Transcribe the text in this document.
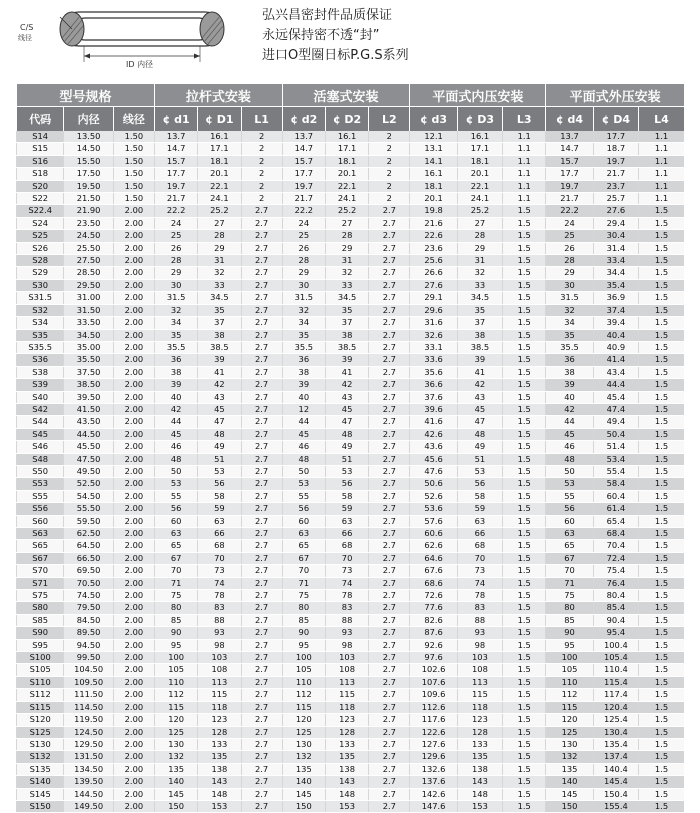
C/S
线径
ID 内径
弘兴昌密封件品质保证
永远保持密不透“封”
进口O型圈日标P.G.S系列
型号规格			拉杆式安装			活塞式安装			平面式内压安装			平面式外压安装		
代码	内径	线径	¢ d1	¢ D1	L1	¢ d2	¢ D2	L2	¢ d3	¢ D3	L3	¢ d4	¢ D4	L4
S14	13.50	1.50	13.7	16.1	2	13.7	16.1	2	12.1	16.1	1.1	13.7	17.7	1.1
S15	14.50	1.50	14.7	17.1	2	14.7	17.1	2	13.1	17.1	1.1	14.7	18.7	1.1
S16	15.50	1.50	15.7	18.1	2	15.7	18.1	2	14.1	18.1	1.1	15.7	19.7	1.1
S18	17.50	1.50	17.7	20.1	2	17.7	20.1	2	16.1	20.1	1.1	17.7	21.7	1.1
S20	19.50	1.50	19.7	22.1	2	19.7	22.1	2	18.1	22.1	1.1	19.7	23.7	1.1
S22	21.50	1.50	21.7	24.1	2	21.7	24.1	2	20.1	24.1	1.1	21.7	25.7	1.1
S22.4	21.90	2.00	22.2	25.2	2.7	22.2	25.2	2.7	19.8	25.2	1.5	22.2	27.6	1.5
S24	23.50	2.00	24	27	2.7	24	27	2.7	21.6	27	1.5	24	29.4	1.5
S25	24.50	2.00	25	28	2.7	25	28	2.7	22.6	28	1.5	25	30.4	1.5
S26	25.50	2.00	26	29	2.7	26	29	2.7	23.6	29	1.5	26	31.4	1.5
S28	27.50	2.00	28	31	2.7	28	31	2.7	25.6	31	1.5	28	33.4	1.5
S29	28.50	2.00	29	32	2.7	29	32	2.7	26.6	32	1.5	29	34.4	1.5
S30	29.50	2.00	30	33	2.7	30	33	2.7	27.6	33	1.5	30	35.4	1.5
S31.5	31.00	2.00	31.5	34.5	2.7	31.5	34.5	2.7	29.1	34.5	1.5	31.5	36.9	1.5
S32	31.50	2.00	32	35	2.7	32	35	2.7	29.6	35	1.5	32	37.4	1.5
S34	33.50	2.00	34	37	2.7	34	37	2.7	31.6	37	1.5	34	39.4	1.5
S35	34.50	2.00	35	38	2.7	35	38	2.7	32.6	38	1.5	35	40.4	1.5
S35.5	35.00	2.00	35.5	38.5	2.7	35.5	38.5	2.7	33.1	38.5	1.5	35.5	40.9	1.5
S36	35.50	2.00	36	39	2.7	36	39	2.7	33.6	39	1.5	36	41.4	1.5
S38	37.50	2.00	38	41	2.7	38	41	2.7	35.6	41	1.5	38	43.4	1.5
S39	38.50	2.00	39	42	2.7	39	42	2.7	36.6	42	1.5	39	44.4	1.5
S40	39.50	2.00	40	43	2.7	40	43	2.7	37.6	43	1.5	40	45.4	1.5
S42	41.50	2.00	42	45	2.7	12	45	2.7	39.6	45	1.5	42	47.4	1.5
S44	43.50	2.00	44	47	2.7	44	47	2.7	41.6	47	1.5	44	49.4	1.5
S45	44.50	2.00	45	48	2.7	45	48	2.7	42.6	48	1.5	45	50.4	1.5
S46	45.50	2.00	46	49	2.7	46	49	2.7	43.6	49	1.5	46	51.4	1.5
S48	47.50	2.00	48	51	2.7	48	51	2.7	45.6	51	1.5	48	53.4	1.5
S50	49.50	2.00	50	53	2.7	50	53	2.7	47.6	53	1.5	50	55.4	1.5
S53	52.50	2.00	53	56	2.7	53	56	2.7	50.6	56	1.5	53	58.4	1.5
S55	54.50	2.00	55	58	2.7	55	58	2.7	52.6	58	1.5	55	60.4	1.5
S56	55.50	2.00	56	59	2.7	56	59	2.7	53.6	59	1.5	56	61.4	1.5
S60	59.50	2.00	60	63	2.7	60	63	2.7	57.6	63	1.5	60	65.4	1.5
S63	62.50	2.00	63	66	2.7	63	66	2.7	60.6	66	1.5	63	68.4	1.5
S65	64.50	2.00	65	68	2.7	65	68	2.7	62.6	68	1.5	65	70.4	1.5
S67	66.50	2.00	67	70	2.7	67	70	2.7	64.6	70	1.5	67	72.4	1.5
S70	69.50	2.00	70	73	2.7	70	73	2.7	67.6	73	1.5	70	75.4	1.5
S71	70.50	2.00	71	74	2.7	71	74	2.7	68.6	74	1.5	71	76.4	1.5
S75	74.50	2.00	75	78	2.7	75	78	2.7	72.6	78	1.5	75	80.4	1.5
S80	79.50	2.00	80	83	2.7	80	83	2.7	77.6	83	1.5	80	85.4	1.5
S85	84.50	2.00	85	88	2.7	85	88	2.7	82.6	88	1.5	85	90.4	1.5
S90	89.50	2.00	90	93	2.7	90	93	2.7	87.6	93	1.5	90	95.4	1.5
S95	94.50	2.00	95	98	2.7	95	98	2.7	92.6	98	1.5	95	100.4	1.5
S100	99.50	2.00	100	103	2.7	100	103	2.7	97.6	103	1.5	100	105.4	1.5
S105	104.50	2.00	105	108	2.7	105	108	2.7	102.6	108	1.5	105	110.4	1.5
S110	109.50	2.00	110	113	2.7	110	113	2.7	107.6	113	1.5	110	115.4	1.5
S112	111.50	2.00	112	115	2.7	112	115	2.7	109.6	115	1.5	112	117.4	1.5
S115	114.50	2.00	115	118	2.7	115	118	2.7	112.6	118	1.5	115	120.4	1.5
S120	119.50	2.00	120	123	2.7	120	123	2.7	117.6	123	1.5	120	125.4	1.5
S125	124.50	2.00	125	128	2.7	125	128	2.7	122.6	128	1.5	125	130.4	1.5
S130	129.50	2.00	130	133	2.7	130	133	2.7	127.6	133	1.5	130	135.4	1.5
S132	131.50	2.00	132	135	2.7	132	135	2.7	129.6	135	1.5	132	137.4	1.5
S135	134.50	2.00	135	138	2.7	135	138	2.7	132.6	138	1.5	135	140.4	1.5
S140	139.50	2.00	140	143	2.7	140	143	2.7	137.6	143	1.5	140	145.4	1.5
S145	144.50	2.00	145	148	2.7	145	148	2.7	142.6	148	1.5	145	150.4	1.5
S150	149.50	2.00	150	153	2.7	150	153	2.7	147.6	153	1.5	150	155.4	1.5
